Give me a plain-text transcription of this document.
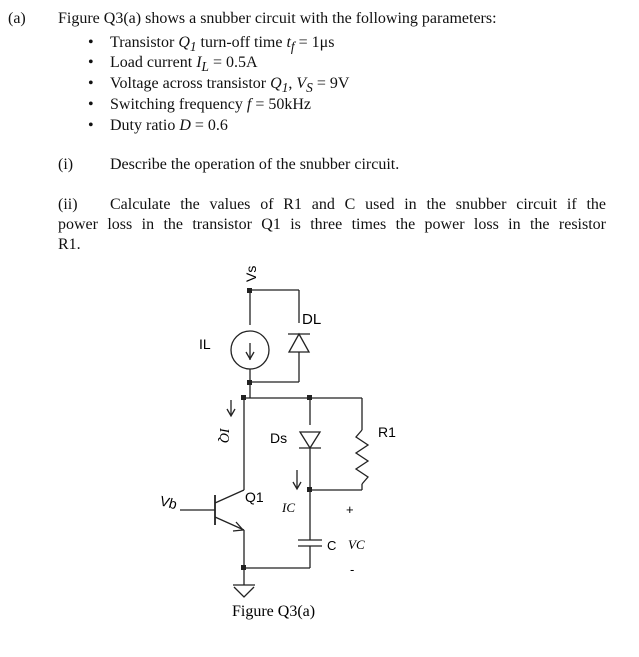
(a) Figure Q3(a) shows a snubber circuit with the following parameters:
• Transistor $Q_1$ turn-off time $t_f = 1\mu s$
• Load current $I_L = 0.5A$
• Voltage across transistor $Q_1$, $V_S = 9V$
• Switching frequency f = 50kHz
• Duty ratio D = 0.6
(i) Describe the operation of the snubber circuit.
(ii) Calculate the values of R1 and C used in the snubber circuit if the
power loss in the transistor Q1 is three times the power loss in the resistor
R1.
Vs
DL
IL
IQ	Ds	R1
Vb	Q1
IC	+
C VC
-
Figure Q3(a)
